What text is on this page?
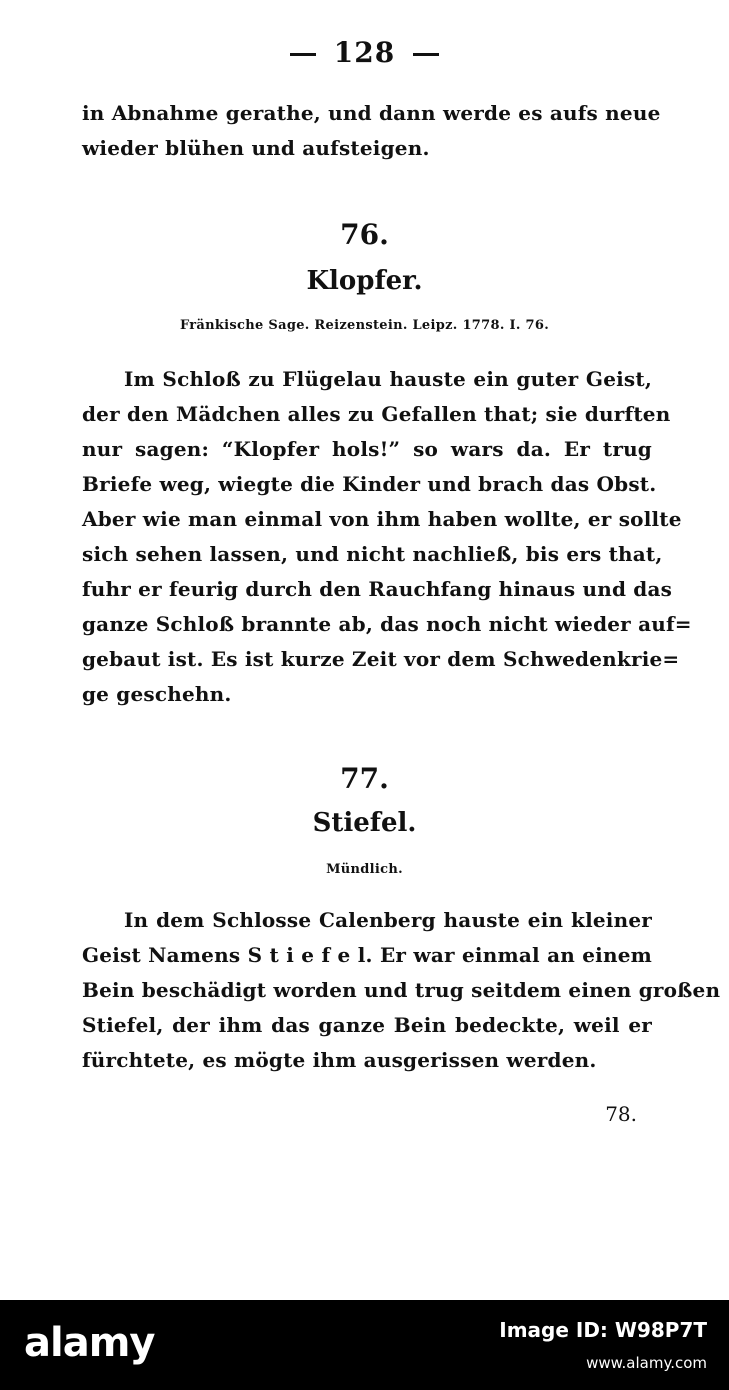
128
in Abnahme gerathe, und dann werde es aufs neue
wieder blühen und aufsteigen.
76.
Klopfer.
Fränkische Sage. Reizenstein. Leipz. 1778. I. 76.
Im Schloß zu Flügelau hauste ein guter Geist,
der den Mädchen alles zu Gefallen that; sie durften
nur sagen: “Klopfer hols!” so wars da. Er trug
Briefe weg, wiegte die Kinder und brach das Obst.
Aber wie man einmal von ihm haben wollte, er sollte
sich sehen lassen, und nicht nachließ, bis ers that,
fuhr er feurig durch den Rauchfang hinaus und das
ganze Schloß brannte ab, das noch nicht wieder auf=
gebaut ist. Es ist kurze Zeit vor dem Schwedenkrie=
ge geschehn.
77.
Stiefel.
Mündlich.
In dem Schlosse Calenberg hauste ein kleiner
Geist Namens S t i e f e l. Er war einmal an einem
Bein beschädigt worden und trug seitdem einen großen
Stiefel, der ihm das ganze Bein bedeckte, weil er
fürchtete, es mögte ihm ausgerissen werden.
78.
alamy	Image ID: W98P7T
www.alamy.com
